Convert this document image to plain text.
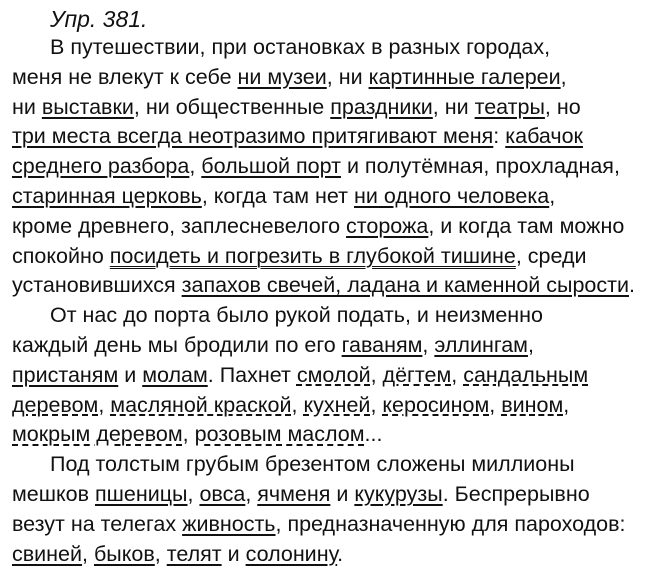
Упр. 381.

В путешествии, при остановках в разных городах,

меня не влекут к себе ни музеи, ни картинные галереи,

ни выставки, ни общественные праздники, ни театры, но

три места всегда неотразимо притягивают меня: кабачок

среднего разбора, большой порт и полутёмная, прохладная,

старинная церковь, когда там нет ни одного человека,

кроме древнего, заплесневелого сторожа, и когда там можно

спокойно посидеть и погрезить в глубокой тишине, среди

установившихся запахов свечей, ладана и каменной сырости.

От нас до порта было рукой подать, и неизменно

каждый день мы бродили по его гаваням, эллингам,

пристаням и молам. Пахнет смолой, дёгтем, сандальным

деревом, масляной краской, кухней, керосином, вином,

мокрым деревом, розовым маслом...

Под толстым грубым брезентом сложены миллионы

мешков пшеницы, овса, ячменя и кукурузы. Беспрерывно

везут на телегах живность, предназначенную для пароходов:

свиней, быков, телят и солонину.
